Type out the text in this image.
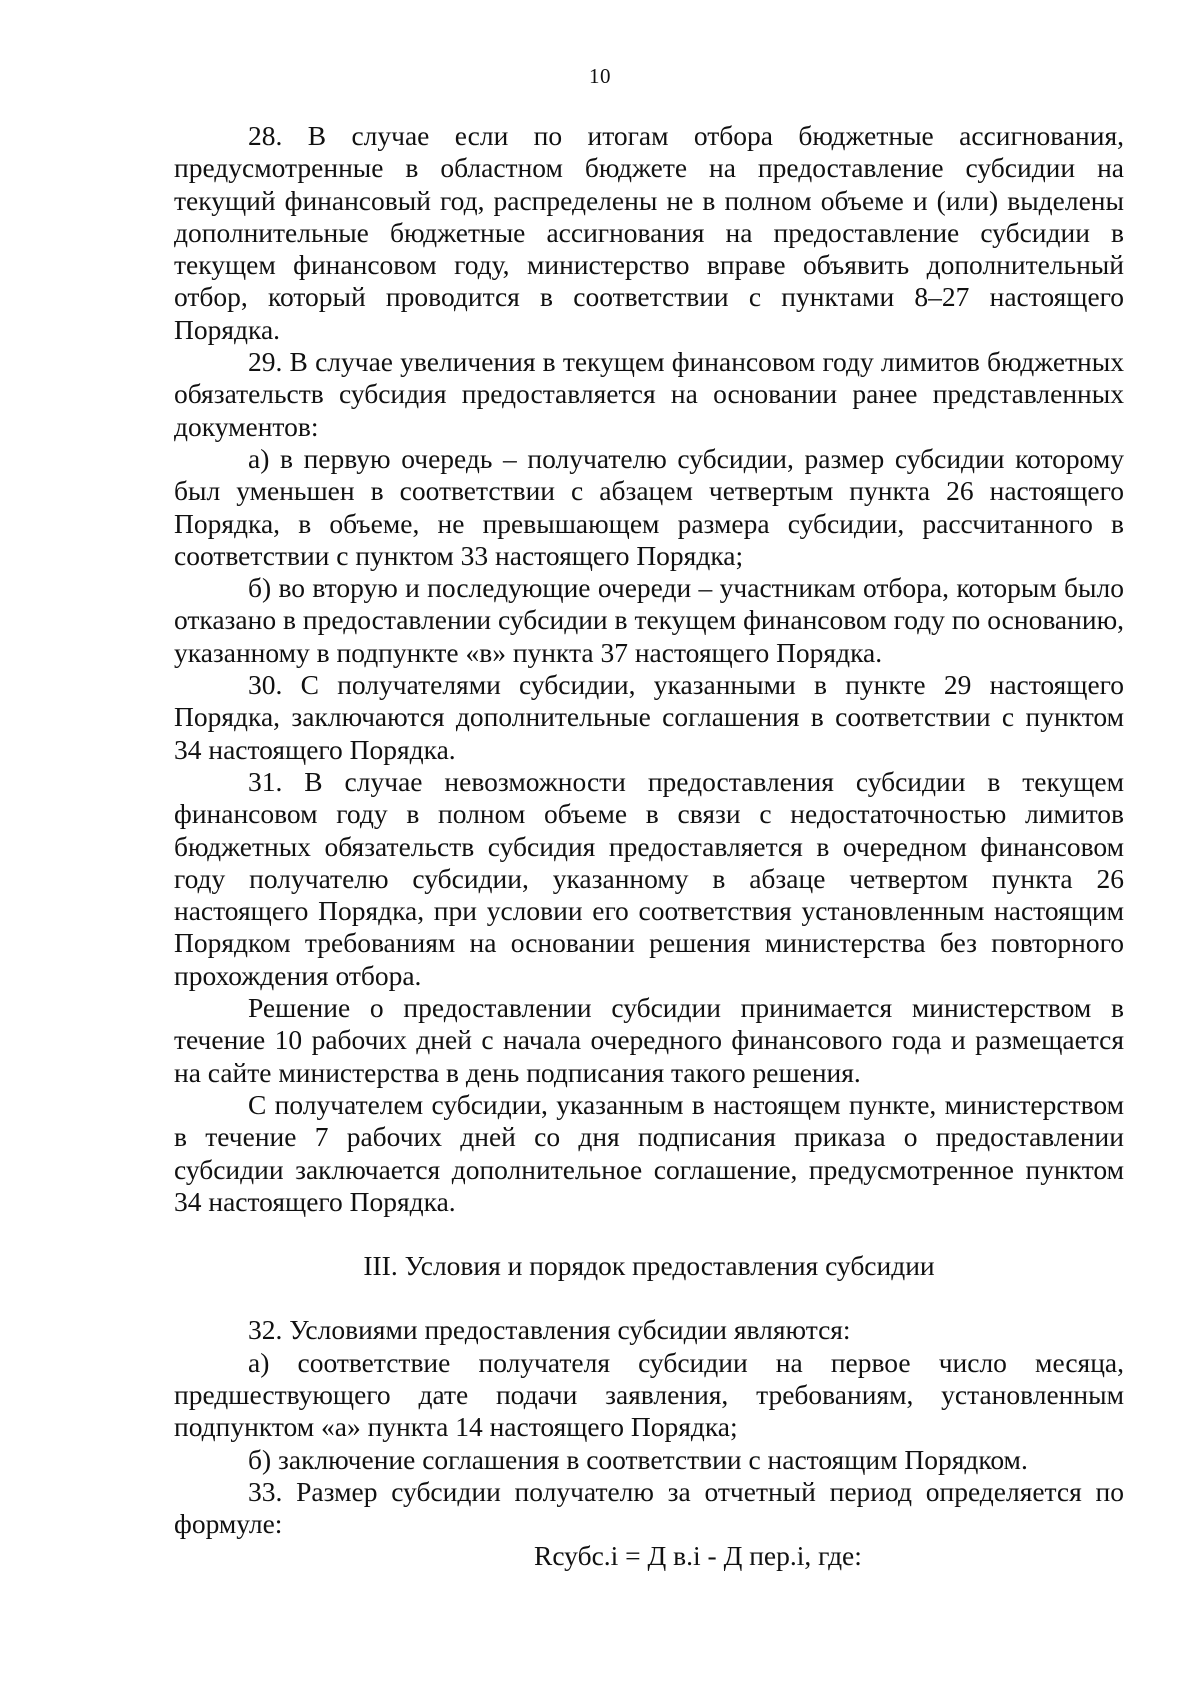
10

28. В случае если по итогам отбора бюджетные ассигнования, предусмотренные в областном бюджете на предоставление субсидии на текущий финансовый год, распределены не в полном объеме и (или) выделены дополнительные бюджетные ассигнования на предоставление субсидии в текущем финансовом году, министерство вправе объявить дополнительный отбор, который проводится в соответствии с пунктами 8–27 настоящего Порядка.

29. В случае увеличения в текущем финансовом году лимитов бюджетных обязательств субсидия предоставляется на основании ранее представленных документов:

а) в первую очередь – получателю субсидии, размер субсидии которому был уменьшен в соответствии с абзацем четвертым пункта 26 настоящего Порядка, в объеме, не превышающем размера субсидии, рассчитанного в соответствии с пунктом 33 настоящего Порядка;

б) во вторую и последующие очереди – участникам отбора, которым было отказано в предоставлении субсидии в текущем финансовом году по основанию, указанному в подпункте «в» пункта 37 настоящего Порядка.

30. С получателями субсидии, указанными в пункте 29 настоящего Порядка, заключаются дополнительные соглашения в соответствии с пунктом 34 настоящего Порядка.

31. В случае невозможности предоставления субсидии в текущем финансовом году в полном объеме в связи с недостаточностью лимитов бюджетных обязательств субсидия предоставляется в очередном финансовом году получателю субсидии, указанному в абзаце четвертом пункта 26 настоящего Порядка, при условии его соответствия установленным настоящим Порядком требованиям на основании решения министерства без повторного прохождения отбора.

Решение о предоставлении субсидии принимается министерством в течение 10 рабочих дней с начала очередного финансового года и размещается на сайте министерства в день подписания такого решения.

С получателем субсидии, указанным в настоящем пункте, министерством в течение 7 рабочих дней со дня подписания приказа о предоставлении субсидии заключается дополнительное соглашение, предусмотренное пунктом 34 настоящего Порядка.

III. Условия и порядок предоставления субсидии

32. Условиями предоставления субсидии являются:

а) соответствие получателя субсидии на первое число месяца, предшествующего дате подачи заявления, требованиям, установленным подпунктом «а» пункта 14 настоящего Порядка;

б) заключение соглашения в соответствии с настоящим Порядком.

33. Размер субсидии получателю за отчетный период определяется по формуле:

Rсубс.i = Д в.i - Д пер.i, где:
